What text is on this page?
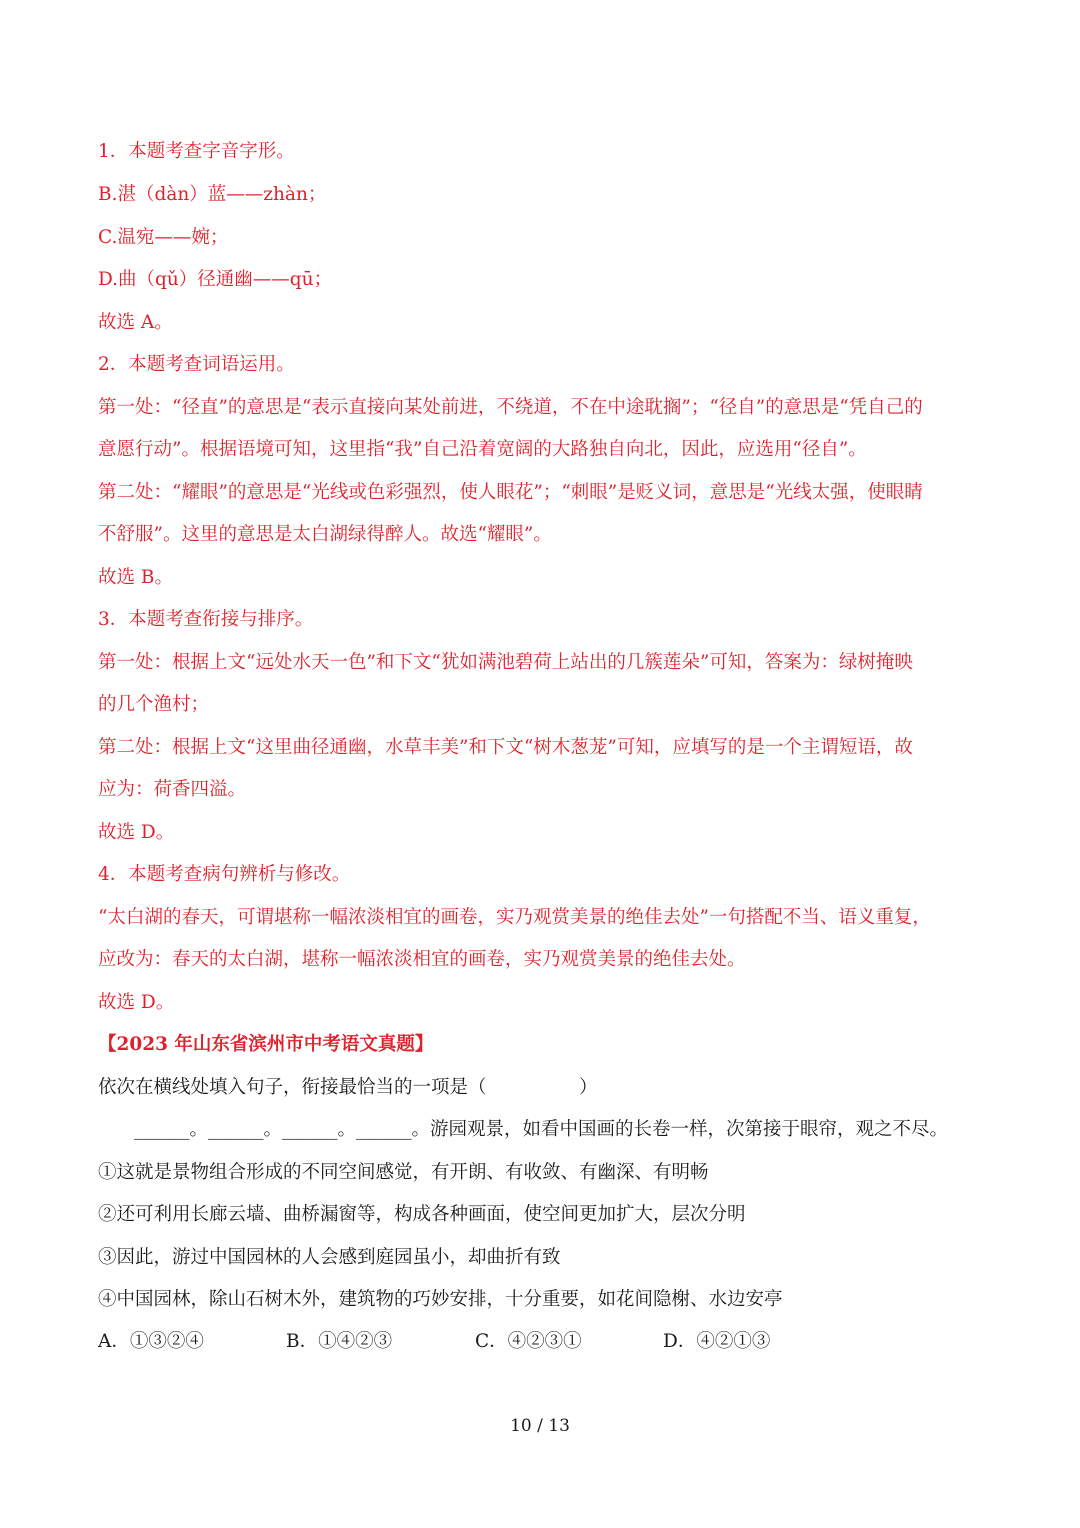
1．本题考查字音字形。
B.湛（dàn）蓝——zhàn；
C.温宛——婉；
D.曲（qǔ）径通幽——qū；
故选 A。
2．本题考查词语运用。
第一处：“径直”的意思是“表示直接向某处前进，不绕道，不在中途耽搁”；“径自”的意思是“凭自己的
意愿行动”。根据语境可知，这里指“我”自己沿着宽阔的大路独自向北，因此，应选用“径自”。
第二处：“耀眼”的意思是“光线或色彩强烈，使人眼花”；“刺眼”是贬义词，意思是“光线太强，使眼睛
不舒服”。这里的意思是太白湖绿得醉人。故选“耀眼”。
故选 B。
3．本题考查衔接与排序。
第一处：根据上文“远处水天一色”和下文“犹如满池碧荷上站出的几簇莲朵”可知，答案为：绿树掩映
的几个渔村；
第二处：根据上文“这里曲径通幽，水草丰美”和下文“树木葱茏”可知，应填写的是一个主谓短语，故
应为：荷香四溢。
故选 D。
4．本题考查病句辨析与修改。
“太白湖的春天，可谓堪称一幅浓淡相宜的画卷，实乃观赏美景的绝佳去处”一句搭配不当、语义重复，
应改为：春天的太白湖，堪称一幅浓淡相宜的画卷，实乃观赏美景的绝佳去处。
故选 D。
【2023 年山东省滨州市中考语文真题】
依次在横线处填入句子，衔接最恰当的一项是（　　　　　）
______。______。______。______。游园观景，如看中国画的长卷一样，次第接于眼帘，观之不尽。
①这就是景物组合形成的不同空间感觉，有开朗、有收敛、有幽深、有明畅
②还可利用长廊云墙、曲桥漏窗等，构成各种画面，使空间更加扩大，层次分明
③因此，游过中国园林的人会感到庭园虽小，却曲折有致
④中国园林，除山石树木外，建筑物的巧妙安排，十分重要，如花间隐榭、水边安亭
A．①③②④	B．①④②③	C．④②③①	D．④②①③
10 / 13
